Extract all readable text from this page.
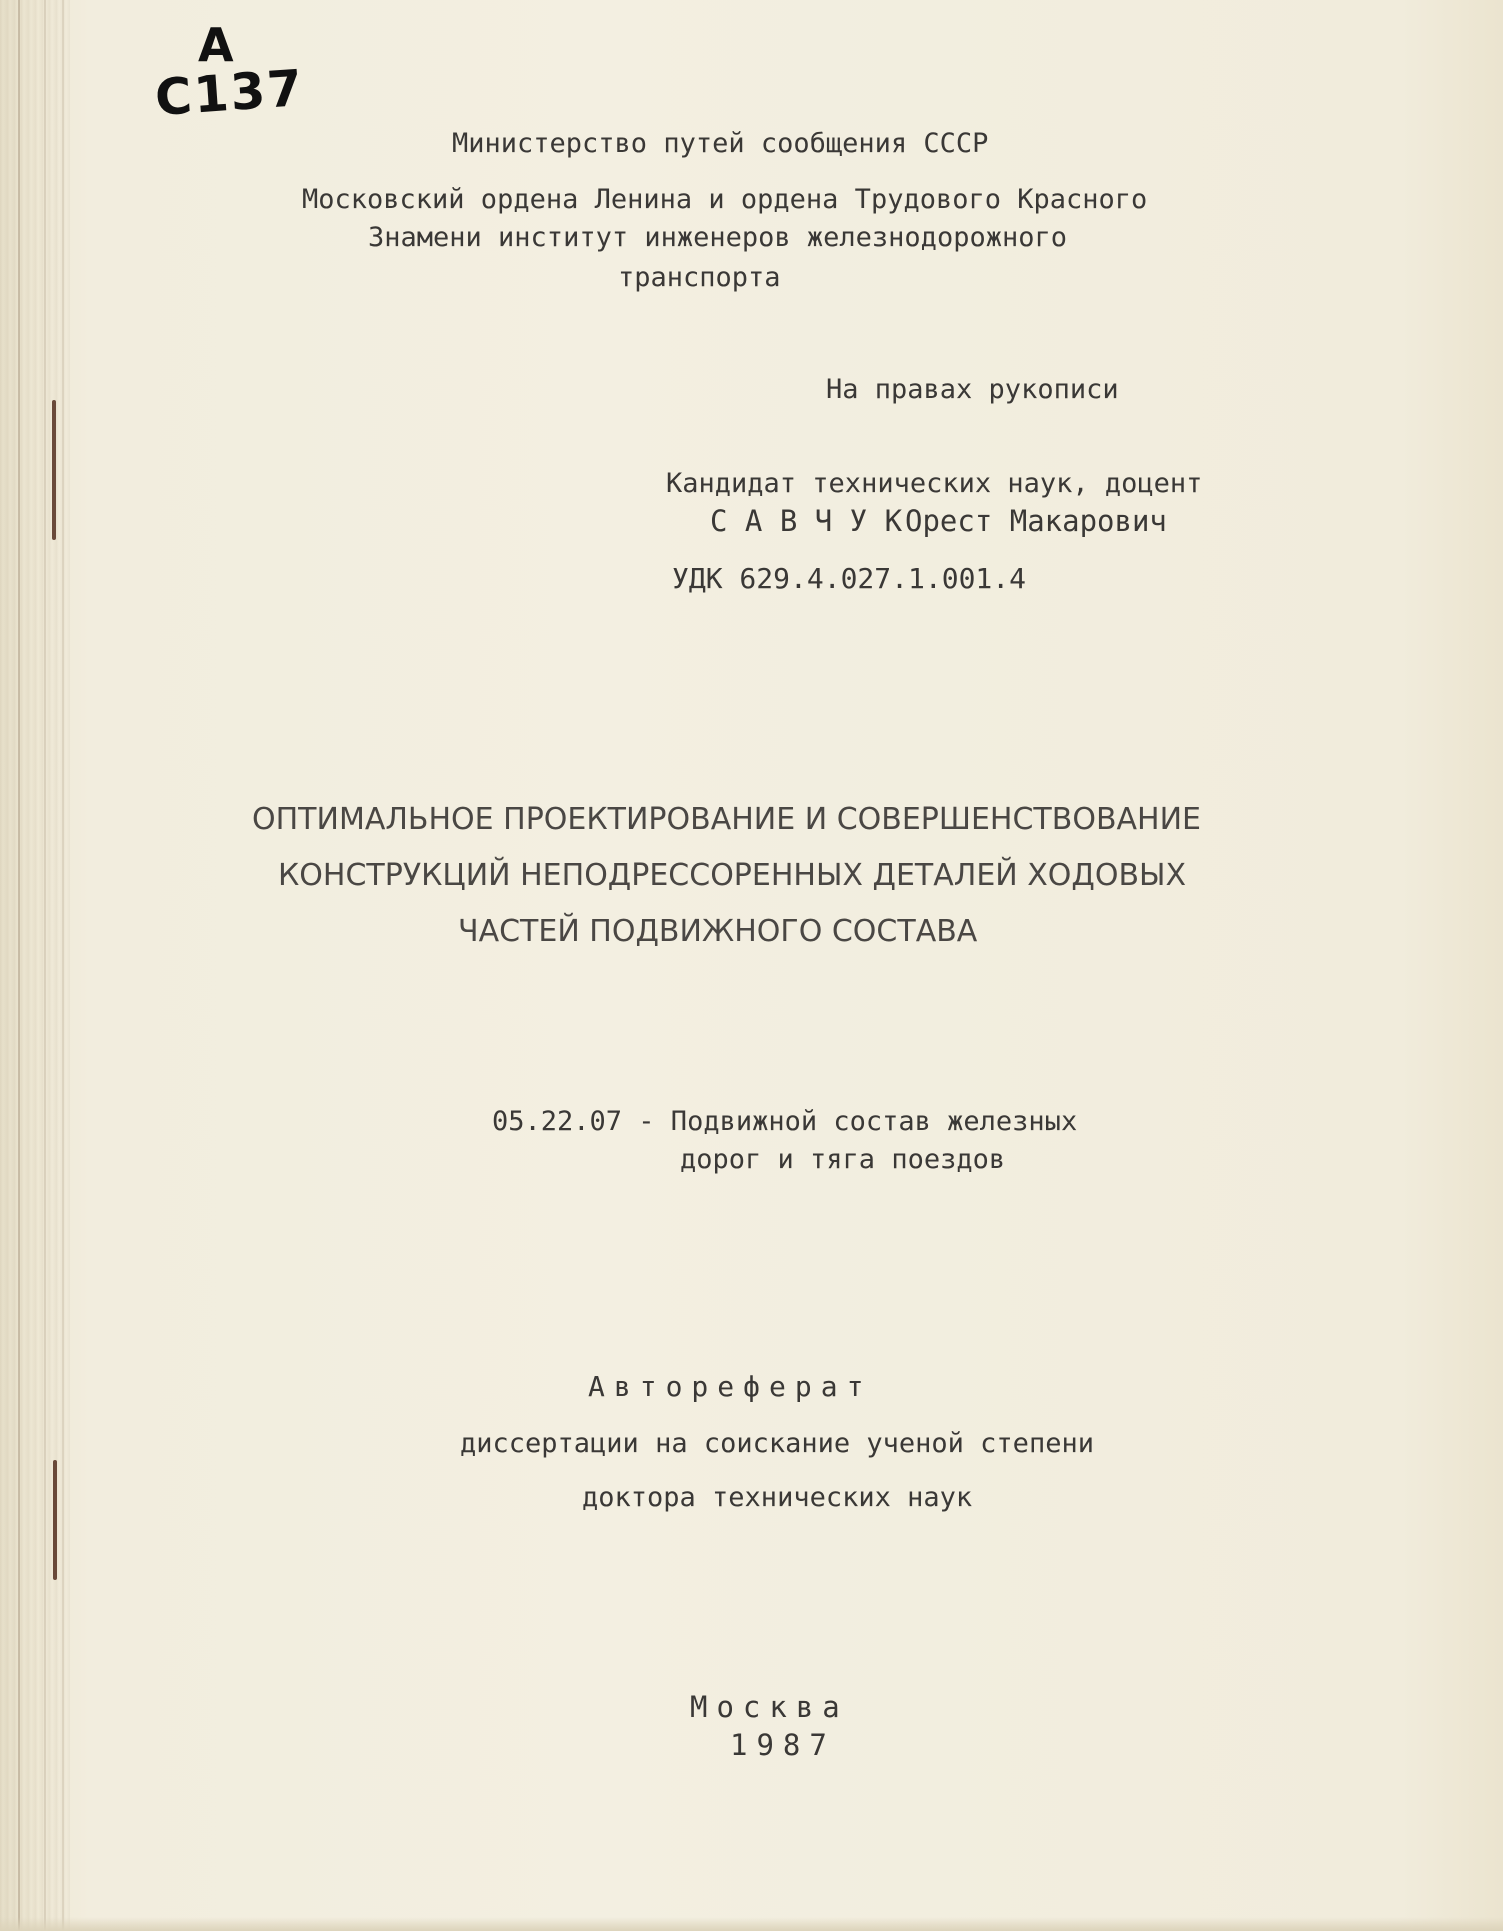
А
С137
Министерство путей сообщения СССР
Московский ордена Ленина и ордена Трудового Красного
Знамени институт инженеров железнодорожного
транспорта
На правах рукописи
Кандидат технических наук, доцент
С А В Ч У К Орест Макарович
УДК 629.4.027.1.001.4
ОПТИМАЛЬНОЕ ПРОЕКТИРОВАНИЕ И СОВЕРШЕНСТВОВАНИЕ
КОНСТРУКЦИЙ НЕПОДРЕССОРЕННЫХ ДЕТАЛЕЙ ХОДОВЫХ
ЧАСТЕЙ ПОДВИЖНОГО СОСТАВА
05.22.07 - Подвижной состав железных
дорог и тяга поездов
Автореферат
диссертации на соискание ученой степени
доктора технических наук
Москва
1987
